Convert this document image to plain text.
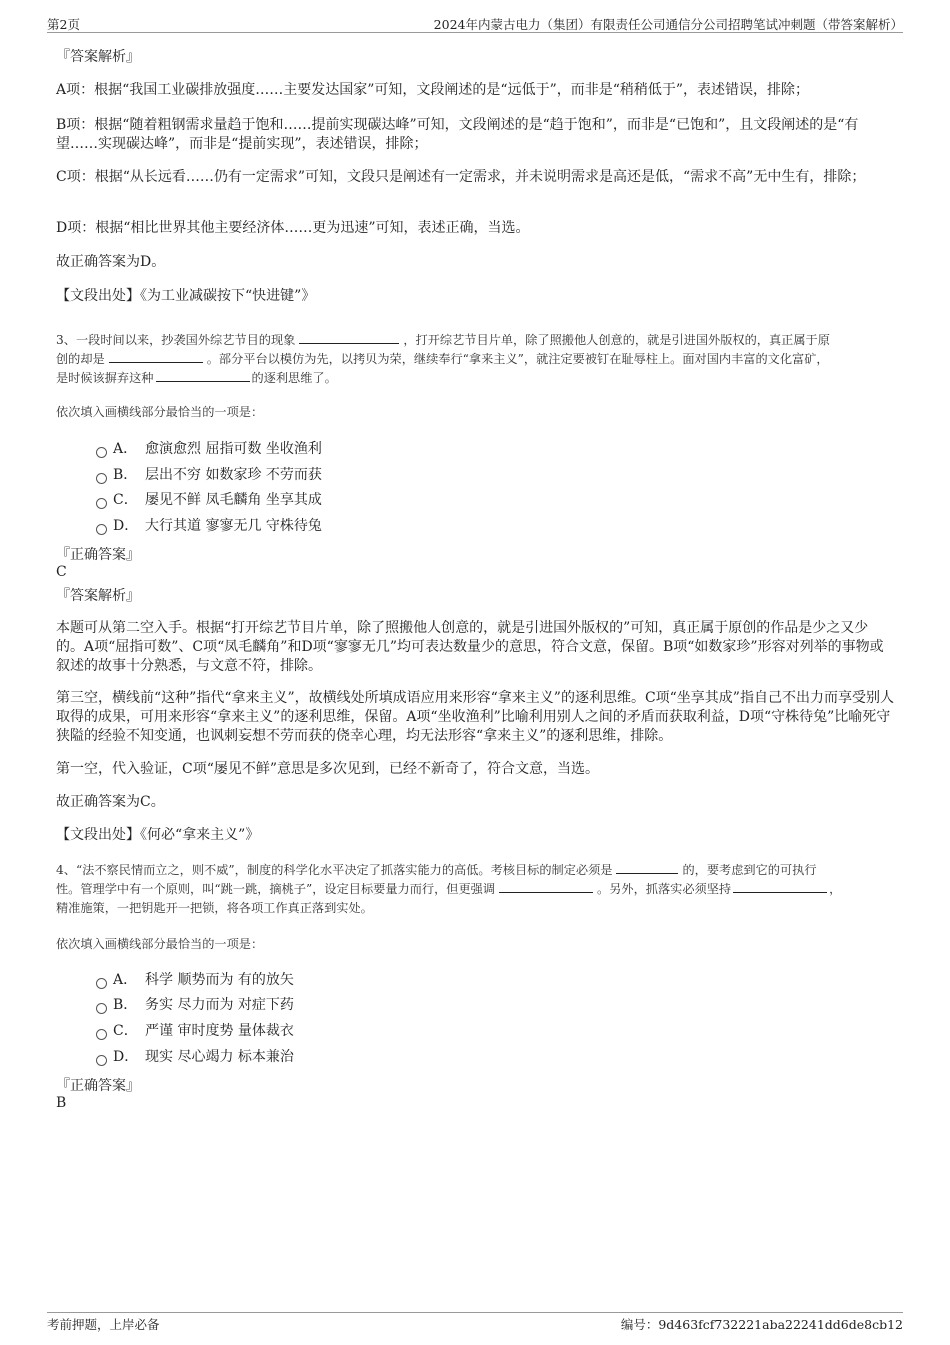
第2页	2024年内蒙古电力（集团）有限责任公司通信分公司招聘笔试冲刺题（带答案解析）
『答案解析』
A项：根据“我国工业碳排放强度……主要发达国家”可知，文段阐述的是“远低于”，而非是“稍稍低于”，表述错误，排除；
B项：根据“随着粗钢需求量趋于饱和……提前实现碳达峰”可知，文段阐述的是“趋于饱和”，而非是“已饱和”，且文段阐述的是“有望……实现碳达峰”，而非是“提前实现”，表述错误，排除；
C项：根据“从长远看……仍有一定需求”可知，文段只是阐述有一定需求，并未说明需求是高还是低，“需求不高”无中生有，排除；
D项：根据“相比世界其他主要经济体……更为迅速”可知，表述正确，当选。
故正确答案为D。
【文段出处】《为工业减碳按下“快进键”》
3、一段时间以来，抄袭国外综艺节目的现象	，打开综艺节目片单，除了照搬他人创意的，就是引进国外版权的，真正属于原
创的却是	。部分平台以模仿为先，以拷贝为荣，继续奉行“拿来主义”，就注定要被钉在耻辱柱上。面对国内丰富的文化富矿，
是时候该摒弃这种	的逐利思维了。
依次填入画横线部分最恰当的一项是：
A． 愈演愈烈 屈指可数 坐收渔利
B． 层出不穷 如数家珍 不劳而获
C． 屡见不鲜 凤毛麟角 坐享其成
D． 大行其道 寥寥无几 守株待兔
『正确答案』
C
『答案解析』
本题可从第二空入手。根据“打开综艺节目片单，除了照搬他人创意的，就是引进国外版权的”可知，真正属于原创的作品是少之又少的。A项“屈指可数”、C项“凤毛麟角”和D项“寥寥无几”均可表达数量少的意思，符合文意，保留。B项“如数家珍”形容对列举的事物或叙述的故事十分熟悉，与文意不符，排除。
第三空，横线前“这种”指代“拿来主义”，故横线处所填成语应用来形容“拿来主义”的逐利思维。C项“坐享其成”指自己不出力而享受别人取得的成果，可用来形容“拿来主义”的逐利思维，保留。A项“坐收渔利”比喻利用别人之间的矛盾而获取利益，D项“守株待兔”比喻死守狭隘的经验不知变通，也讽刺妄想不劳而获的侥幸心理，均无法形容“拿来主义”的逐利思维，排除。
第一空，代入验证，C项“屡见不鲜”意思是多次见到，已经不新奇了，符合文意，当选。
故正确答案为C。
【文段出处】《何必“拿来主义”》
4、“法不察民情而立之，则不威”，制度的科学化水平决定了抓落实能力的高低。考核目标的制定必须是	的，要考虑到它的可执行
性。管理学中有一个原则，叫“跳一跳，摘桃子”，设定目标要量力而行，但更强调	。另外，抓落实必须坚持	，
精准施策，一把钥匙开一把锁，将各项工作真正落到实处。
依次填入画横线部分最恰当的一项是：
A． 科学 顺势而为 有的放矢
B． 务实 尽力而为 对症下药
C． 严谨 审时度势 量体裁衣
D． 现实 尽心竭力 标本兼治
『正确答案』
B
考前押题，上岸必备	编号：9d463fcf732221aba22241dd6de8cb12
